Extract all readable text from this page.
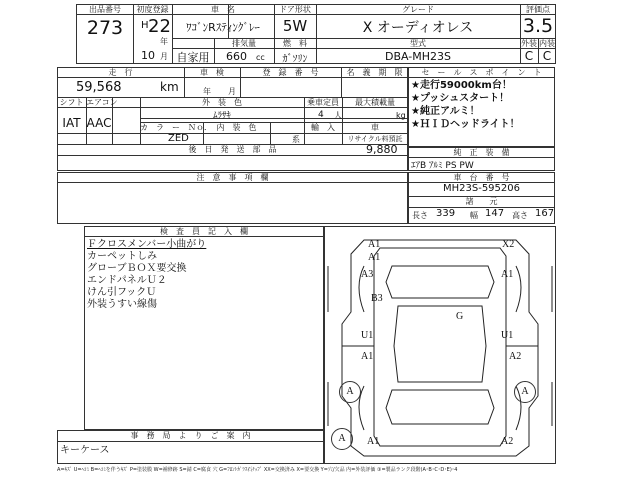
出品番号
273
初度登録
H 22
年
10 月
車　名
ﾜｺﾞﾝRｽﾃｨﾝｸﾞﾚｰ
ドア形状
5W
グレード
X オーディオレス
評価点
3.5
自家用
排気量
660 cc
燃　料
ｶﾞｿﾘﾝ
型式
DBA-MH23S
外装 内装
C C
走　行
59,568	km
車　検
年 月
登　録　番　号	名　義　期　限
シフト エアコン
IAT AAC
外　装　色
ﾑﾗｻｷ
乗車定員
4 人
最大積載量
kg
カ　ラ　ー　Ｎｏ． 内　装　色
ZED
輸　入	車
リサイクル料預託
9,880
後　日　発　送　部　品
系
セ　ー　ル　ス　ポ　イ　ン　ト
★走行59000km台！
★プッシュスタート！
★純正アルミ！
★ＨＩＤヘッドライト！
純　正　装　備
ｴｱB ｱﾙﾐ PS PW
注　意　事　項　欄	車　台　番　号
MH23S-595206
諸　　元
長さ 339 幅 147 高さ 167
検　査　員　記　入　欄
Ｆクロスメンバー小曲がり
カーペットしみ
グローブＢＯＸ要交換
エンドパネルＵ２
けん引フックＵ
外装うすい線傷
事　務　局　よ　り　ご　案　内
キーケース
A1	X2
A1
A3	A1
B3
G
U1	U1
A1	A2
A	A
A	A1	A2
A=ｷｽﾞ U=ﾍｺﾐ B=ﾍｺﾐを伴うｷｽﾞ P=塗装膜 W=補修跡 S=錆 C=腐食 穴 G=ﾌﾛﾝﾄｶﾞﾗｽ石ﾁｯﾌﾟ XX=交換済み X=要交換 Y=穴/欠品 内=外装評価 ③=製品ランク段階(A･B･C･D･E)･4
